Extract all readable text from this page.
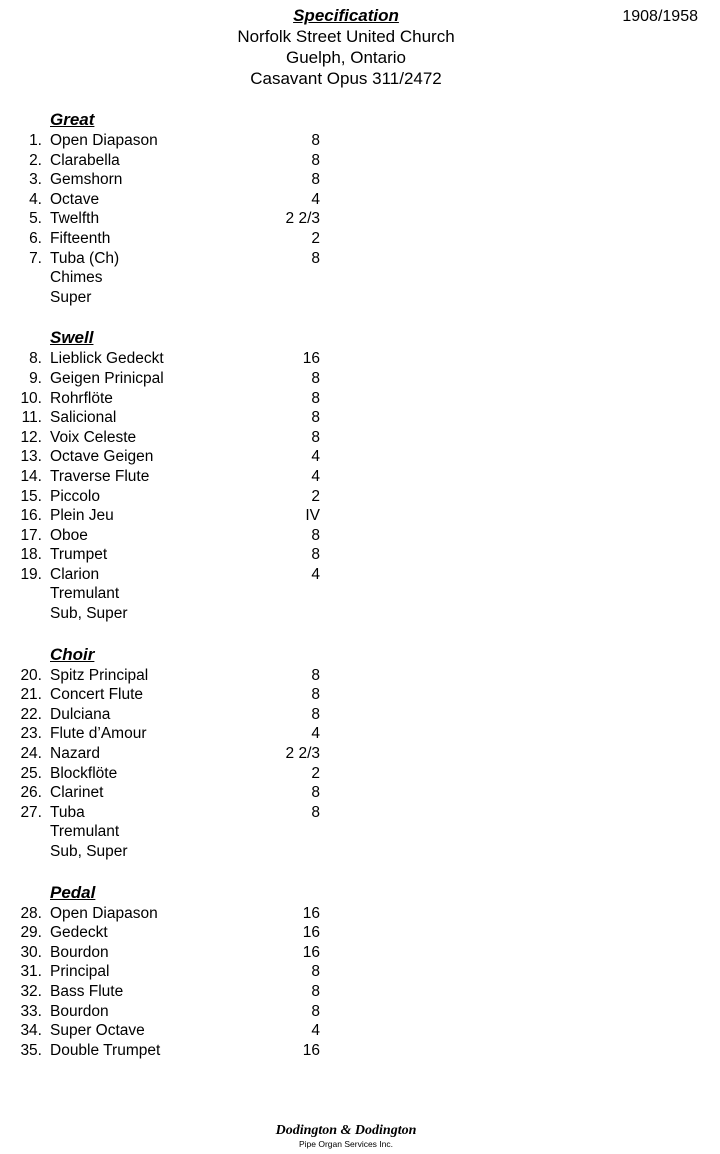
Specification	1908/1958
Norfolk Street United Church
Guelph, Ontario
Casavant Opus 311/2472
Great
1. Open Diapason	8
2. Clarabella	8
3. Gemshorn	8
4. Octave	4
5. Twelfth	2 2/3
6. Fifteenth	2
7. Tuba (Ch)	8
Chimes
Super
Swell
8. Lieblick Gedeckt	16
9. Geigen Prinicpal	8
10. Rohrflöte	8
11. Salicional	8
12. Voix Celeste	8
13. Octave Geigen	4
14. Traverse Flute	4
15. Piccolo	2
16. Plein Jeu	IV
17. Oboe	8
18. Trumpet	8
19. Clarion	4
Tremulant
Sub, Super
Choir
20. Spitz Principal	8
21. Concert Flute	8
22. Dulciana	8
23. Flute d’Amour	4
24. Nazard	2 2/3
25. Blockflöte	2
26. Clarinet	8
27. Tuba	8
Tremulant
Sub, Super
Pedal
28. Open Diapason	16
29. Gedeckt	16
30. Bourdon	16
31. Principal	8
32. Bass Flute	8
33. Bourdon	8
34. Super Octave	4
35. Double Trumpet	16
Dodington & Dodington
Pipe Organ Services Inc.
